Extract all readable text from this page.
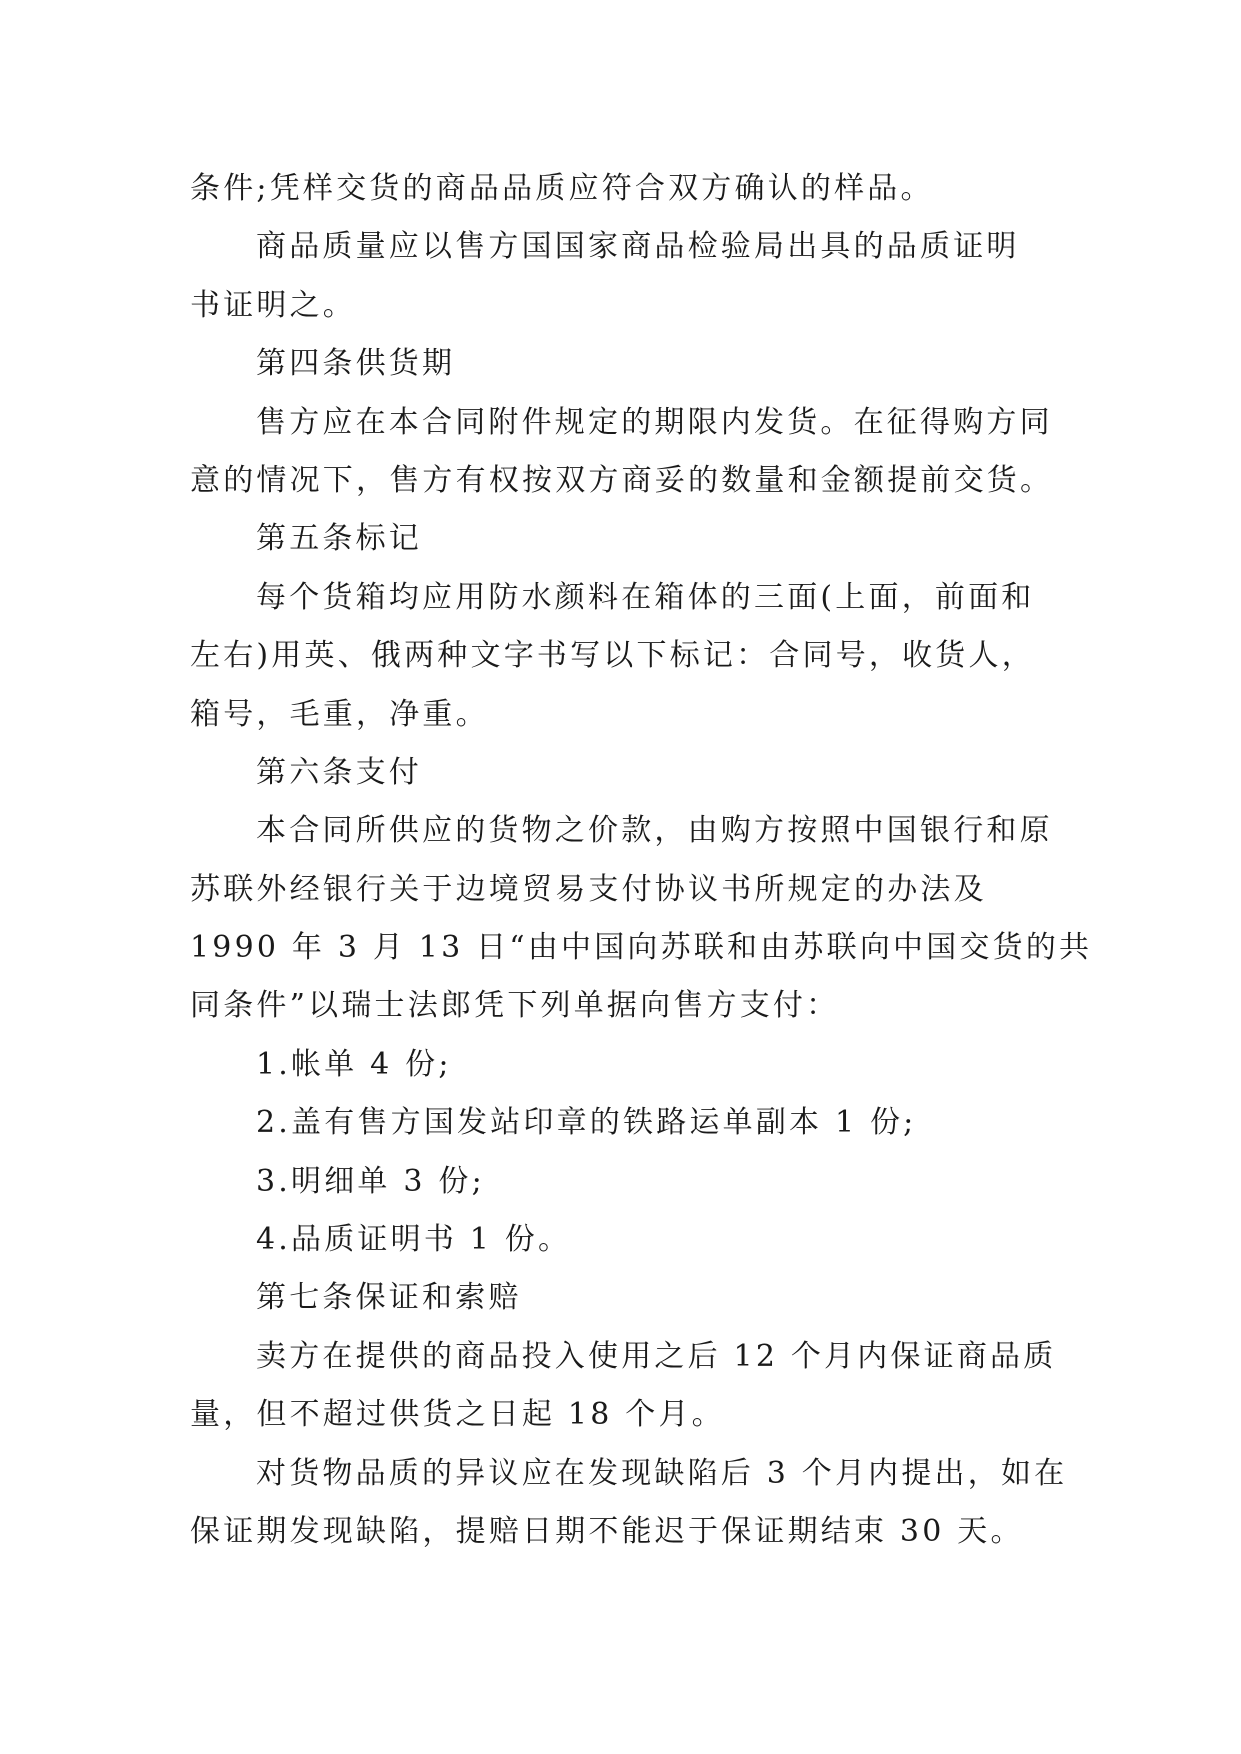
条件;凭样交货的商品品质应符合双方确认的样品。
商品质量应以售方国国家商品检验局出具的品质证明
书证明之。
第四条供货期
售方应在本合同附件规定的期限内发货。在征得购方同
意的情况下，售方有权按双方商妥的数量和金额提前交货。
第五条标记
每个货箱均应用防水颜料在箱体的三面(上面，前面和
左右)用英、俄两种文字书写以下标记：合同号，收货人，
箱号，毛重，净重。
第六条支付
本合同所供应的货物之价款，由购方按照中国银行和原
苏联外经银行关于边境贸易支付协议书所规定的办法及
1990 年 3 月 13 日“由中国向苏联和由苏联向中国交货的共
同条件”以瑞士法郎凭下列单据向售方支付：
1.帐单 4 份;
2.盖有售方国发站印章的铁路运单副本 1 份;
3.明细单 3 份;
4.品质证明书 1 份。
第七条保证和索赔
卖方在提供的商品投入使用之后 12 个月内保证商品质
量，但不超过供货之日起 18 个月。
对货物品质的异议应在发现缺陷后 3 个月内提出，如在
保证期发现缺陷，提赔日期不能迟于保证期结束 30 天。
